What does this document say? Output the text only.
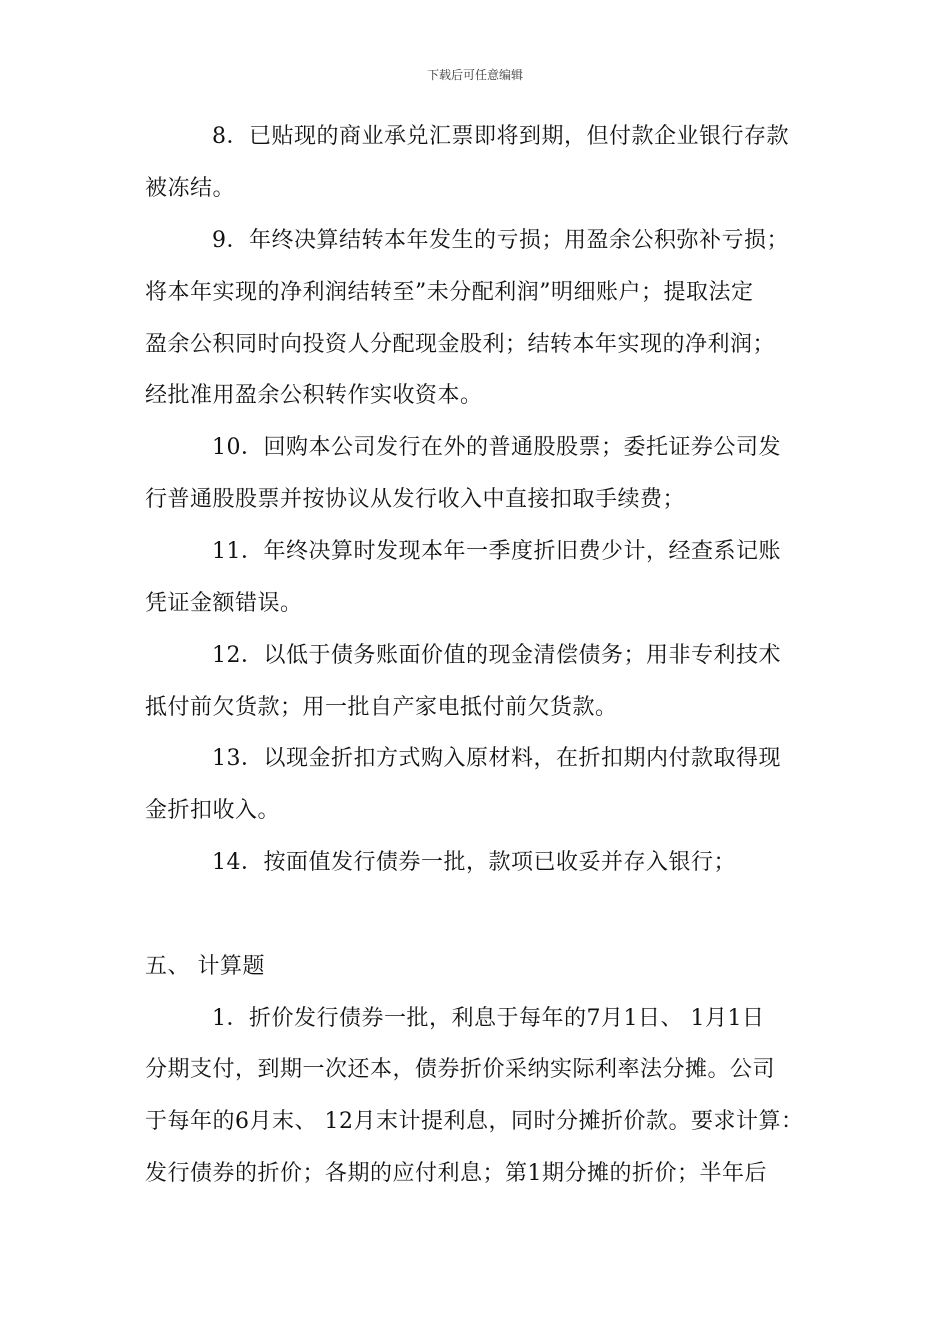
下载后可任意编辑
8．已贴现的商业承兑汇票即将到期，但付款企业银行存款
被冻结。
9．年终决算结转本年发生的亏损；用盈余公积弥补亏损；
将本年实现的净利润结转至”未分配利润”明细账户；提取法定
盈余公积同时向投资人分配现金股利；结转本年实现的净利润；
经批准用盈余公积转作实收资本。
10．回购本公司发行在外的普通股股票；委托证券公司发
行普通股股票并按协议从发行收入中直接扣取手续费；
11．年终决算时发现本年一季度折旧费少计，经查系记账
凭证金额错误。
12．以低于债务账面价值的现金清偿债务；用非专利技术
抵付前欠货款；用一批自产家电抵付前欠货款。
13．以现金折扣方式购入原材料，在折扣期内付款取得现
金折扣收入。
14．按面值发行债券一批，款项已收妥并存入银行；
五、 计算题
1．折价发行债券一批，利息于每年的7月1日、 1月1日
分期支付，到期一次还本，债券折价采纳实际利率法分摊。公司
于每年的6月末、 12月末计提利息，同时分摊折价款。要求计算：
发行债券的折价；各期的应付利息；第1期分摊的折价；半年后
